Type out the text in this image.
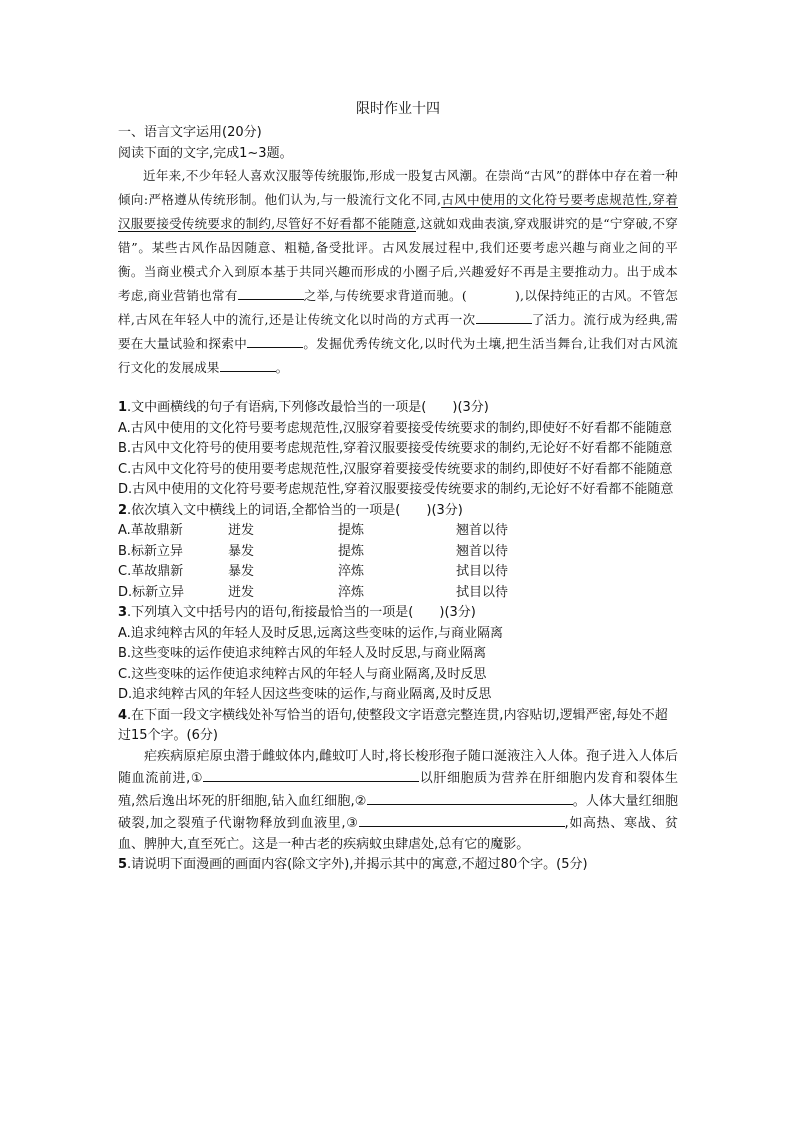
限时作业十四
一、语言文字运用(20分)
阅读下面的文字,完成1~3题。

近年来,不少年轻人喜欢汉服等传统服饰,形成一股复古风潮。在崇尚“古风”的群体中存在着一种倾向:严格遵从传统形制。他们认为,与一般流行文化不同,古风中使用的文化符号要考虑规范性,穿着汉服要接受传统要求的制约,尽管好不好看都不能随意,这就如戏曲表演,穿戏服讲究的是“宁穿破,不穿错”。某些古风作品因随意、粗糙,备受批评。古风发展过程中,我们还要考虑兴趣与商业之间的平衡。当商业模式介入到原本基于共同兴趣而形成的小圈子后,兴趣爱好不再是主要推动力。出于成本考虑,商业营销也常有	之举,与传统要求背道而驰。(	),以保持纯正的古风。不管怎样,古风在年轻人中的流行,还是让传统文化以时尚的方式再一次	了活力。流行成为经典,需要在大量试验和探索中	。发掘优秀传统文化,以时代为土壤,把生活当舞台,让我们对古风流行文化的发展成果	。

1.文中画横线的句子有语病,下列修改最恰当的一项是(　　)(3分)
A.古风中使用的文化符号要考虑规范性,汉服穿着要接受传统要求的制约,即使好不好看都不能随意
B.古风中文化符号的使用要考虑规范性,穿着汉服要接受传统要求的制约,无论好不好看都不能随意
C.古风中文化符号的使用要考虑规范性,汉服穿着要接受传统要求的制约,即使好不好看都不能随意
D.古风中使用的文化符号要考虑规范性,穿着汉服要接受传统要求的制约,无论好不好看都不能随意
2.依次填入文中横线上的词语,全都恰当的一项是(　　)(3分)
A.革故鼎新	迸发	提炼	翘首以待
B.标新立异	暴发	提炼	翘首以待
C.革故鼎新	暴发	淬炼	拭目以待
D.标新立异	迸发	淬炼	拭目以待
3.下列填入文中括号内的语句,衔接最恰当的一项是(　　)(3分)
A.追求纯粹古风的年轻人及时反思,远离这些变味的运作,与商业隔离
B.这些变味的运作使追求纯粹古风的年轻人及时反思,与商业隔离
C.这些变味的运作使追求纯粹古风的年轻人与商业隔离,及时反思
D.追求纯粹古风的年轻人因这些变味的运作,与商业隔离,及时反思
4.在下面一段文字横线处补写恰当的语句,使整段文字语意完整连贯,内容贴切,逻辑严密,每处不超过15个字。(6分)
疟疾病原疟原虫潜于雌蚊体内,雌蚊叮人时,将长梭形孢子随口涎液注入人体。孢子进入人体后随血流前进,①	以肝细胞质为营养在肝细胞内发育和裂体生殖,然后逸出坏死的肝细胞,钻入血红细胞,②	。人体大量红细胞破裂,加之裂殖子代谢物释放到血液里,③	,如高热、寒战、贫血、脾肿大,直至死亡。这是一种古老的疾病蚊虫肆虐处,总有它的魔影。
5.请说明下面漫画的画面内容(除文字外),并揭示其中的寓意,不超过80个字。(5分)
